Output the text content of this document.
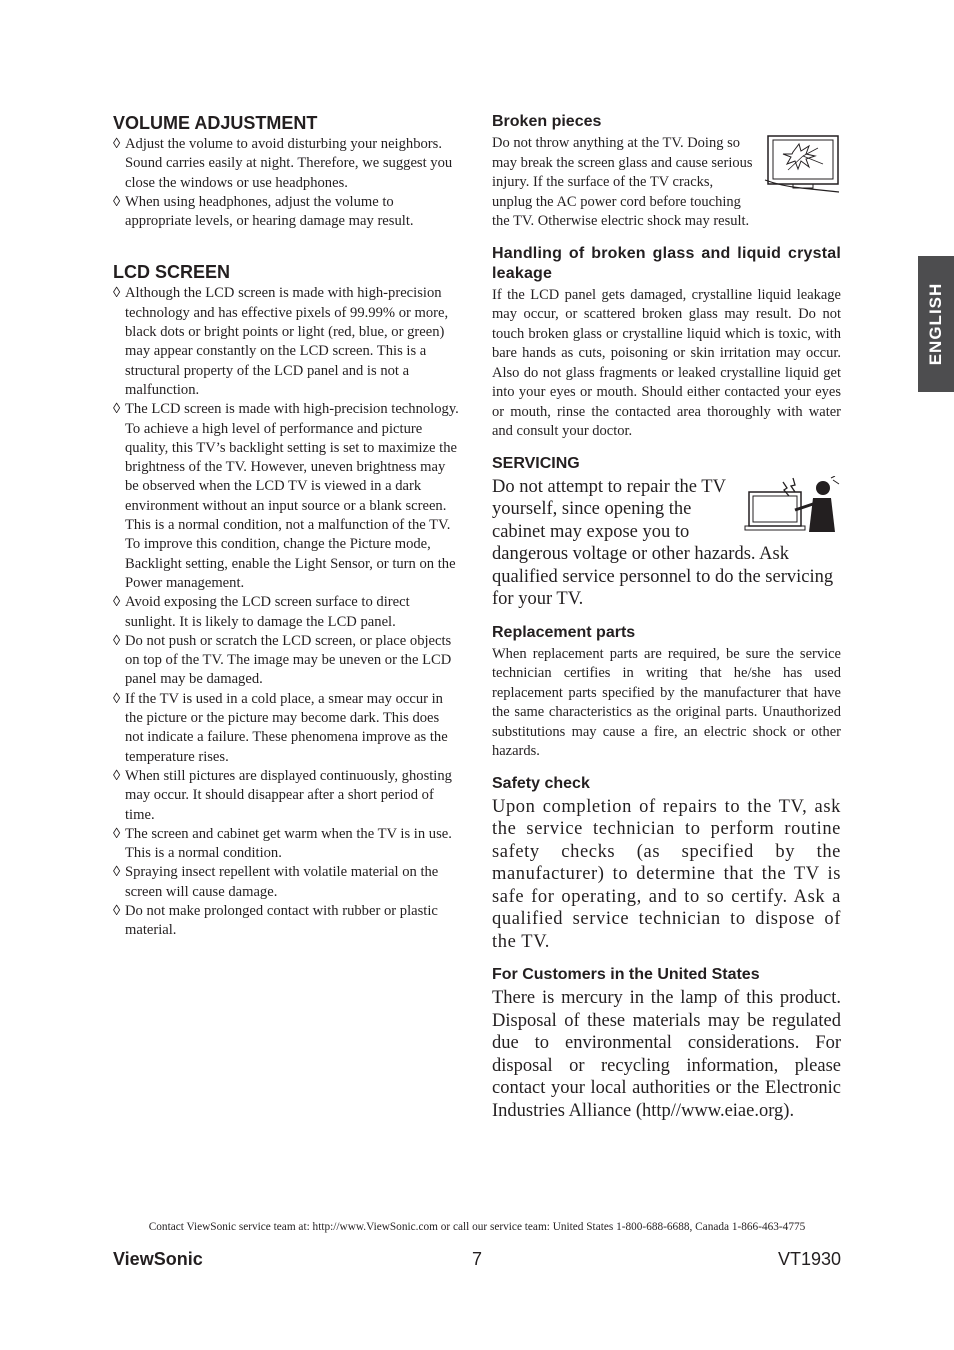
VOLUME ADJUSTMENT
◊ Adjust the volume to avoid disturbing your neighbors. Sound carries easily at night. Therefore, we suggest you close the windows or use headphones.
◊ When using headphones, adjust the volume to appropriate levels, or hearing damage may result.
LCD SCREEN
◊ Although the LCD screen is made with high-precision technology and has effective pixels of 99.99% or more, black dots or bright points or light (red, blue, or green) may appear constantly on the LCD screen. This is a structural property of the LCD panel and is not a malfunction.
◊ The LCD screen is made with high-precision technology. To achieve a high level of performance and picture quality, this TV’s backlight setting is set to maximize the brightness of the TV. However, uneven brightness may be observed when the LCD TV is viewed in a dark environment without an input source or a blank screen. This is a normal condition, not a malfunction of the TV. To improve this condition, change the Picture mode, Backlight setting, enable the Light Sensor, or turn on the Power management.
◊ Avoid exposing the LCD screen surface to direct sunlight. It is likely to damage the LCD panel.
◊ Do not push or scratch the LCD screen, or place objects on top of the TV. The image may be uneven or the LCD panel may be damaged.
◊ If the TV is used in a cold place, a smear may occur in the picture or the picture may become dark. This does not indicate a failure. These phenomena improve as the temperature rises.
◊ When still pictures are displayed continuously, ghosting may occur. It should disappear after a short period of time.
◊ The screen and cabinet get warm when the TV is in use. This is a normal condition.
◊ Spraying insect repellent with volatile material on the screen will cause damage.
◊ Do not make prolonged contact with rubber or plastic material.
Broken pieces

Do not throw anything at the TV. Doing so may break the screen glass and cause serious injury. If the surface of the TV cracks, unplug the AC power cord before touching the TV. Otherwise electric shock may result.

Handling of broken glass and liquid crystal leakage

If the LCD panel gets damaged, crystalline liquid leakage may occur, or scattered broken glass may result. Do not touch broken glass or crystalline liquid which is toxic, with bare hands as cuts, poisoning or skin irritation may occur. Also do not glass fragments or leaked crystalline liquid get into your eyes or mouth. Should either contacted your eyes or mouth, rinse the contacted area thoroughly with water and consult your doctor.

SERVICING

Do not attempt to repair the TV yourself, since opening the cabinet may expose you to dangerous voltage or other hazards. Ask qualified service personnel to do the servicing for your TV.

Replacement parts

When replacement parts are required, be sure the service technician certifies in writing that he/she has used replacement parts specified by the manufacturer that have the same characteristics as the original parts. Unauthorized substitutions may cause a fire, an electric shock or other hazards.

Safety check

Upon completion of repairs to the TV, ask the service technician to perform routine safety checks (as specified by the manufacturer) to determine that the TV is safe for operating, and to so certify. Ask a qualified service technician to dispose of the TV.

For Customers in the United States

There is mercury in the lamp of this product. Disposal of these materials may be regulated due to environmental considerations. For disposal or recycling information, please contact your local authorities or the Electronic Industries Alliance (http//www.eiae.org).

ENGLISH
Contact ViewSonic service team at: http://www.ViewSonic.com or call our service team: United States 1-800-688-6688, Canada 1-866-463-4775
ViewSonic	7	VT1930
